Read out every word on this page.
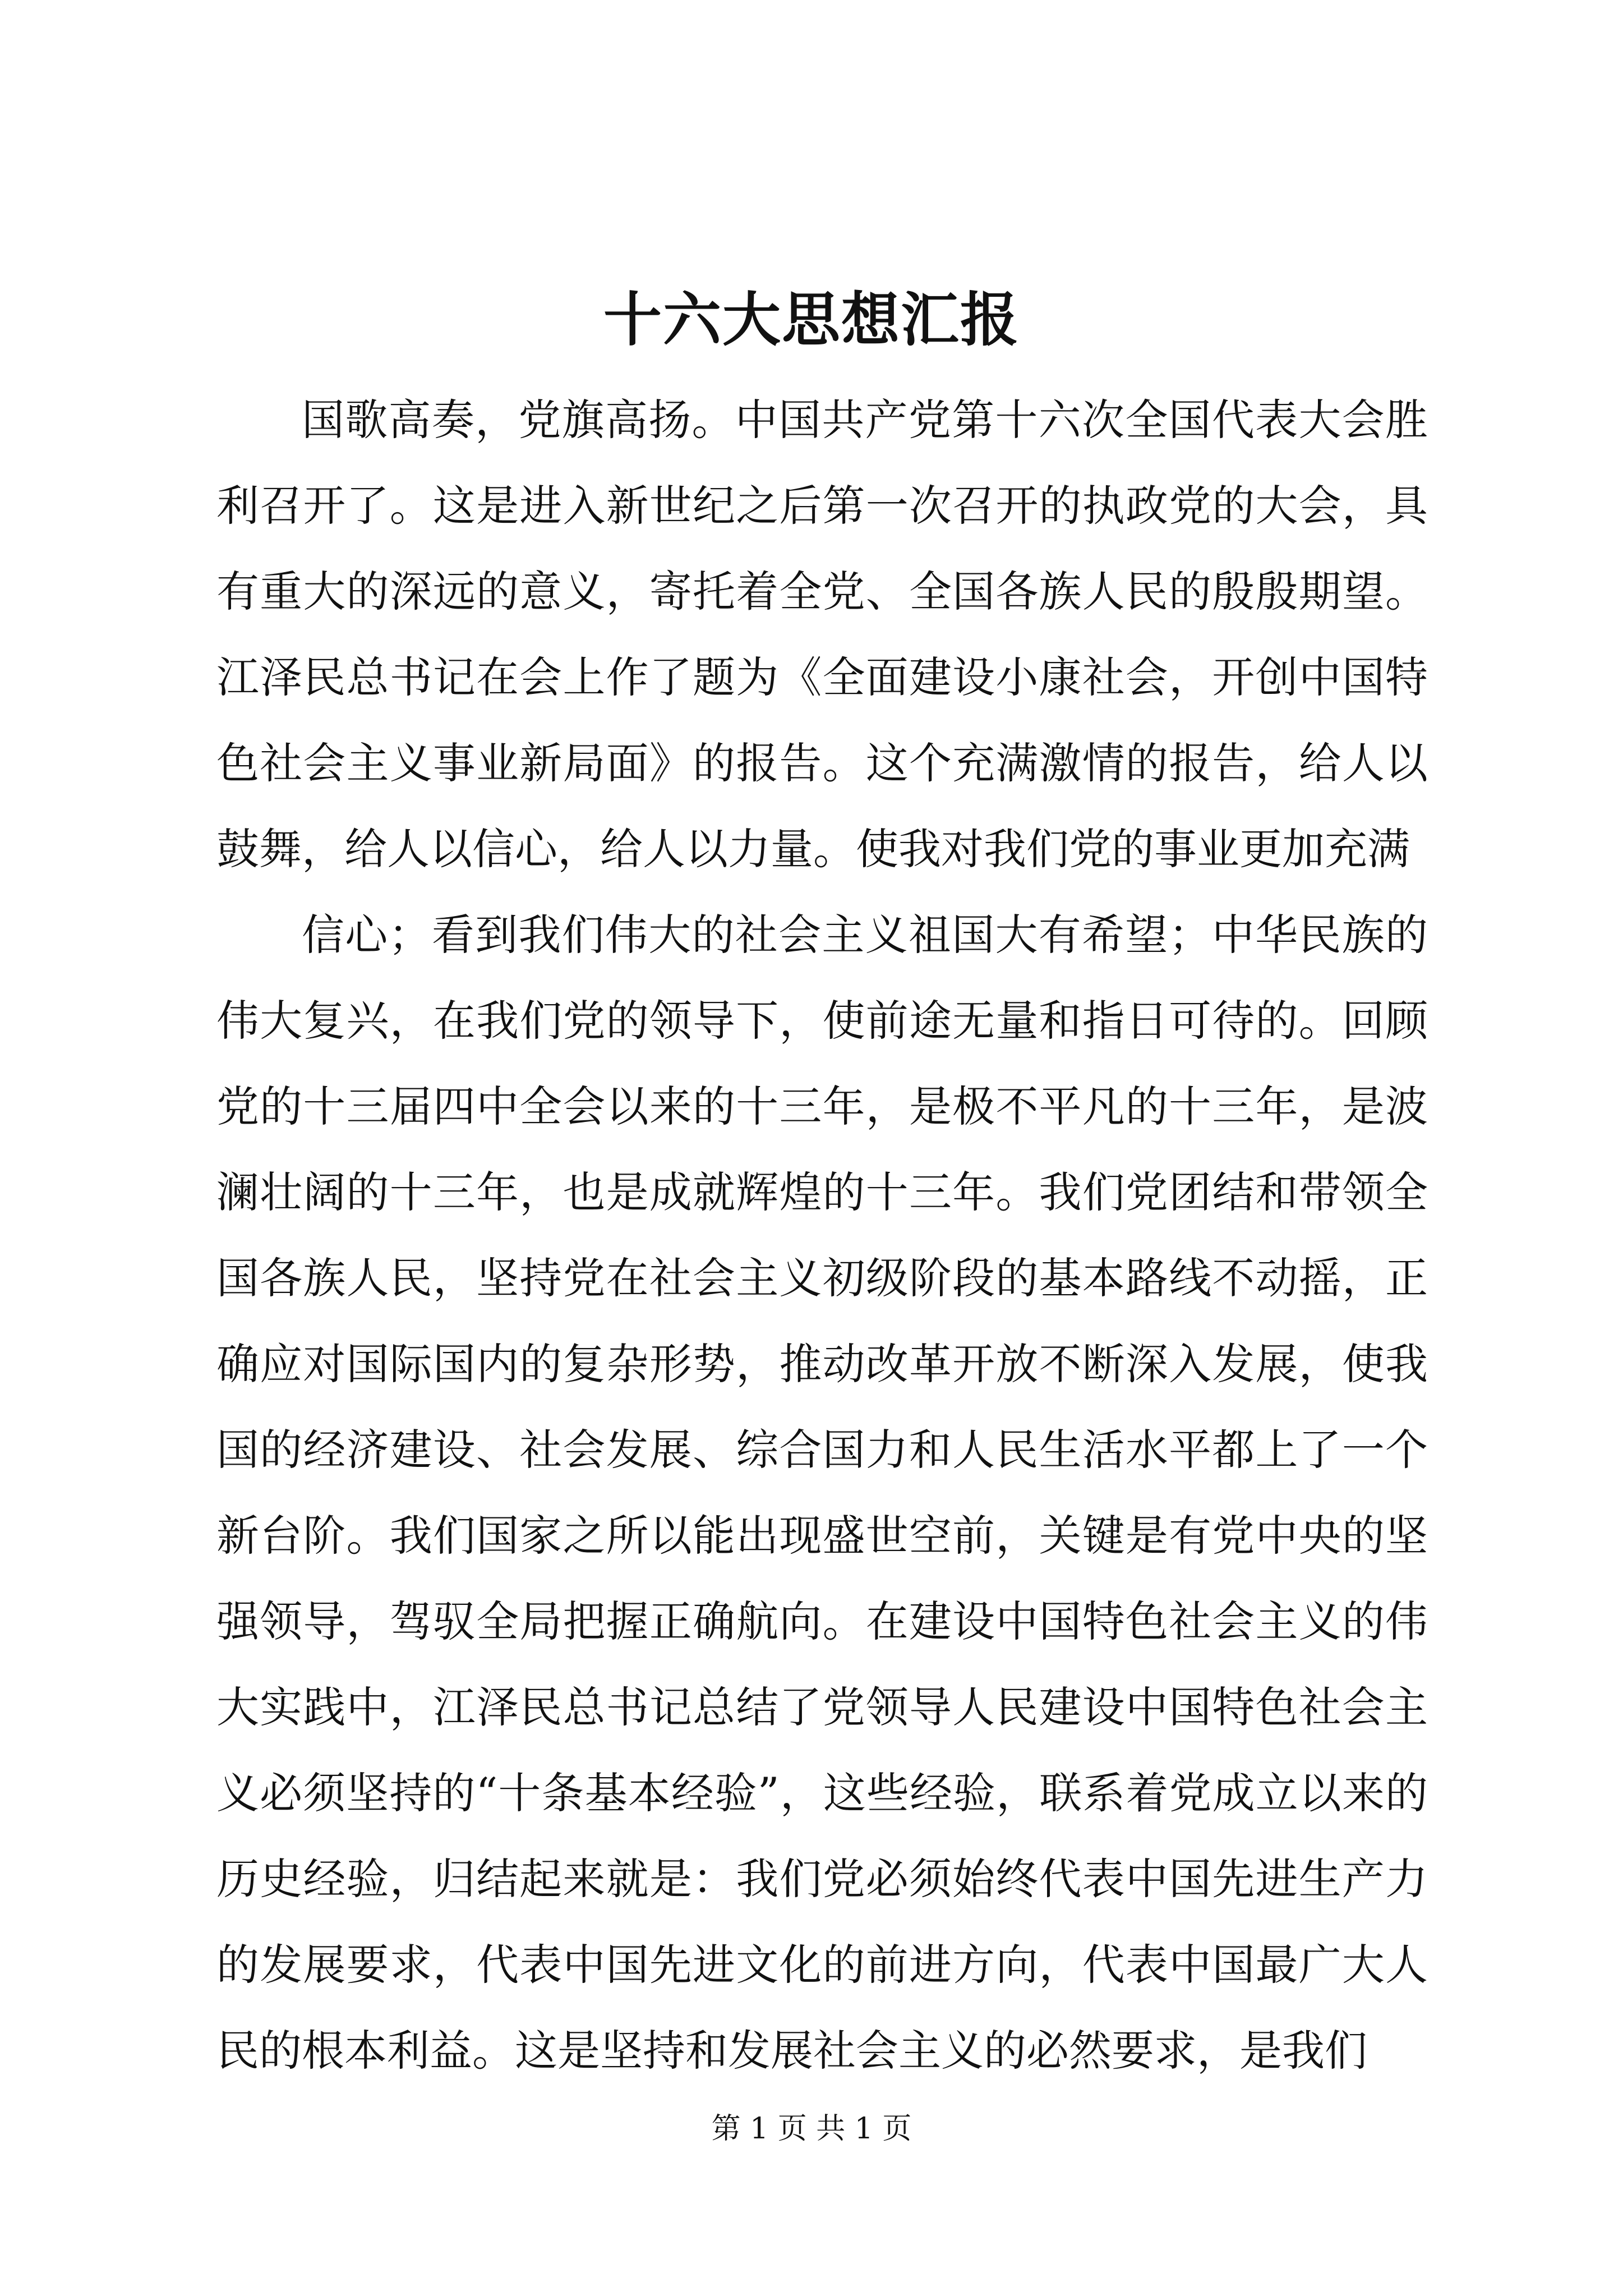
十六大思想汇报

国歌高奏，党旗高扬。中国共产党第十六次全国代表大会胜利召开了。这是进入新世纪之后第一次召开的执政党的大会，具有重大的深远的意义，寄托着全党、全国各族人民的殷殷期望。江泽民总书记在会上作了题为《全面建设小康社会，开创中国特色社会主义事业新局面》的报告。这个充满激情的报告，给人以鼓舞，给人以信心，给人以力量。使我对我们党的事业更加充满

信心；看到我们伟大的社会主义祖国大有希望；中华民族的伟大复兴，在我们党的领导下，使前途无量和指日可待的。回顾党的十三届四中全会以来的十三年，是极不平凡的十三年，是波澜壮阔的十三年，也是成就辉煌的十三年。我们党团结和带领全国各族人民，坚持党在社会主义初级阶段的基本路线不动摇，正确应对国际国内的复杂形势，推动改革开放不断深入发展，使我国的经济建设、社会发展、综合国力和人民生活水平都上了一个新台阶。我们国家之所以能出现盛世空前，关键是有党中央的坚强领导，驾驭全局把握正确航向。在建设中国特色社会主义的伟大实践中，江泽民总书记总结了党领导人民建设中国特色社会主义必须坚持的“十条基本经验”，这些经验，联系着党成立以来的历史经验，归结起来就是：我们党必须始终代表中国先进生产力的发展要求，代表中国先进文化的前进方向，代表中国最广大人民的根本利益。这是坚持和发展社会主义的必然要求，是我们

第 1 页 共 1 页
